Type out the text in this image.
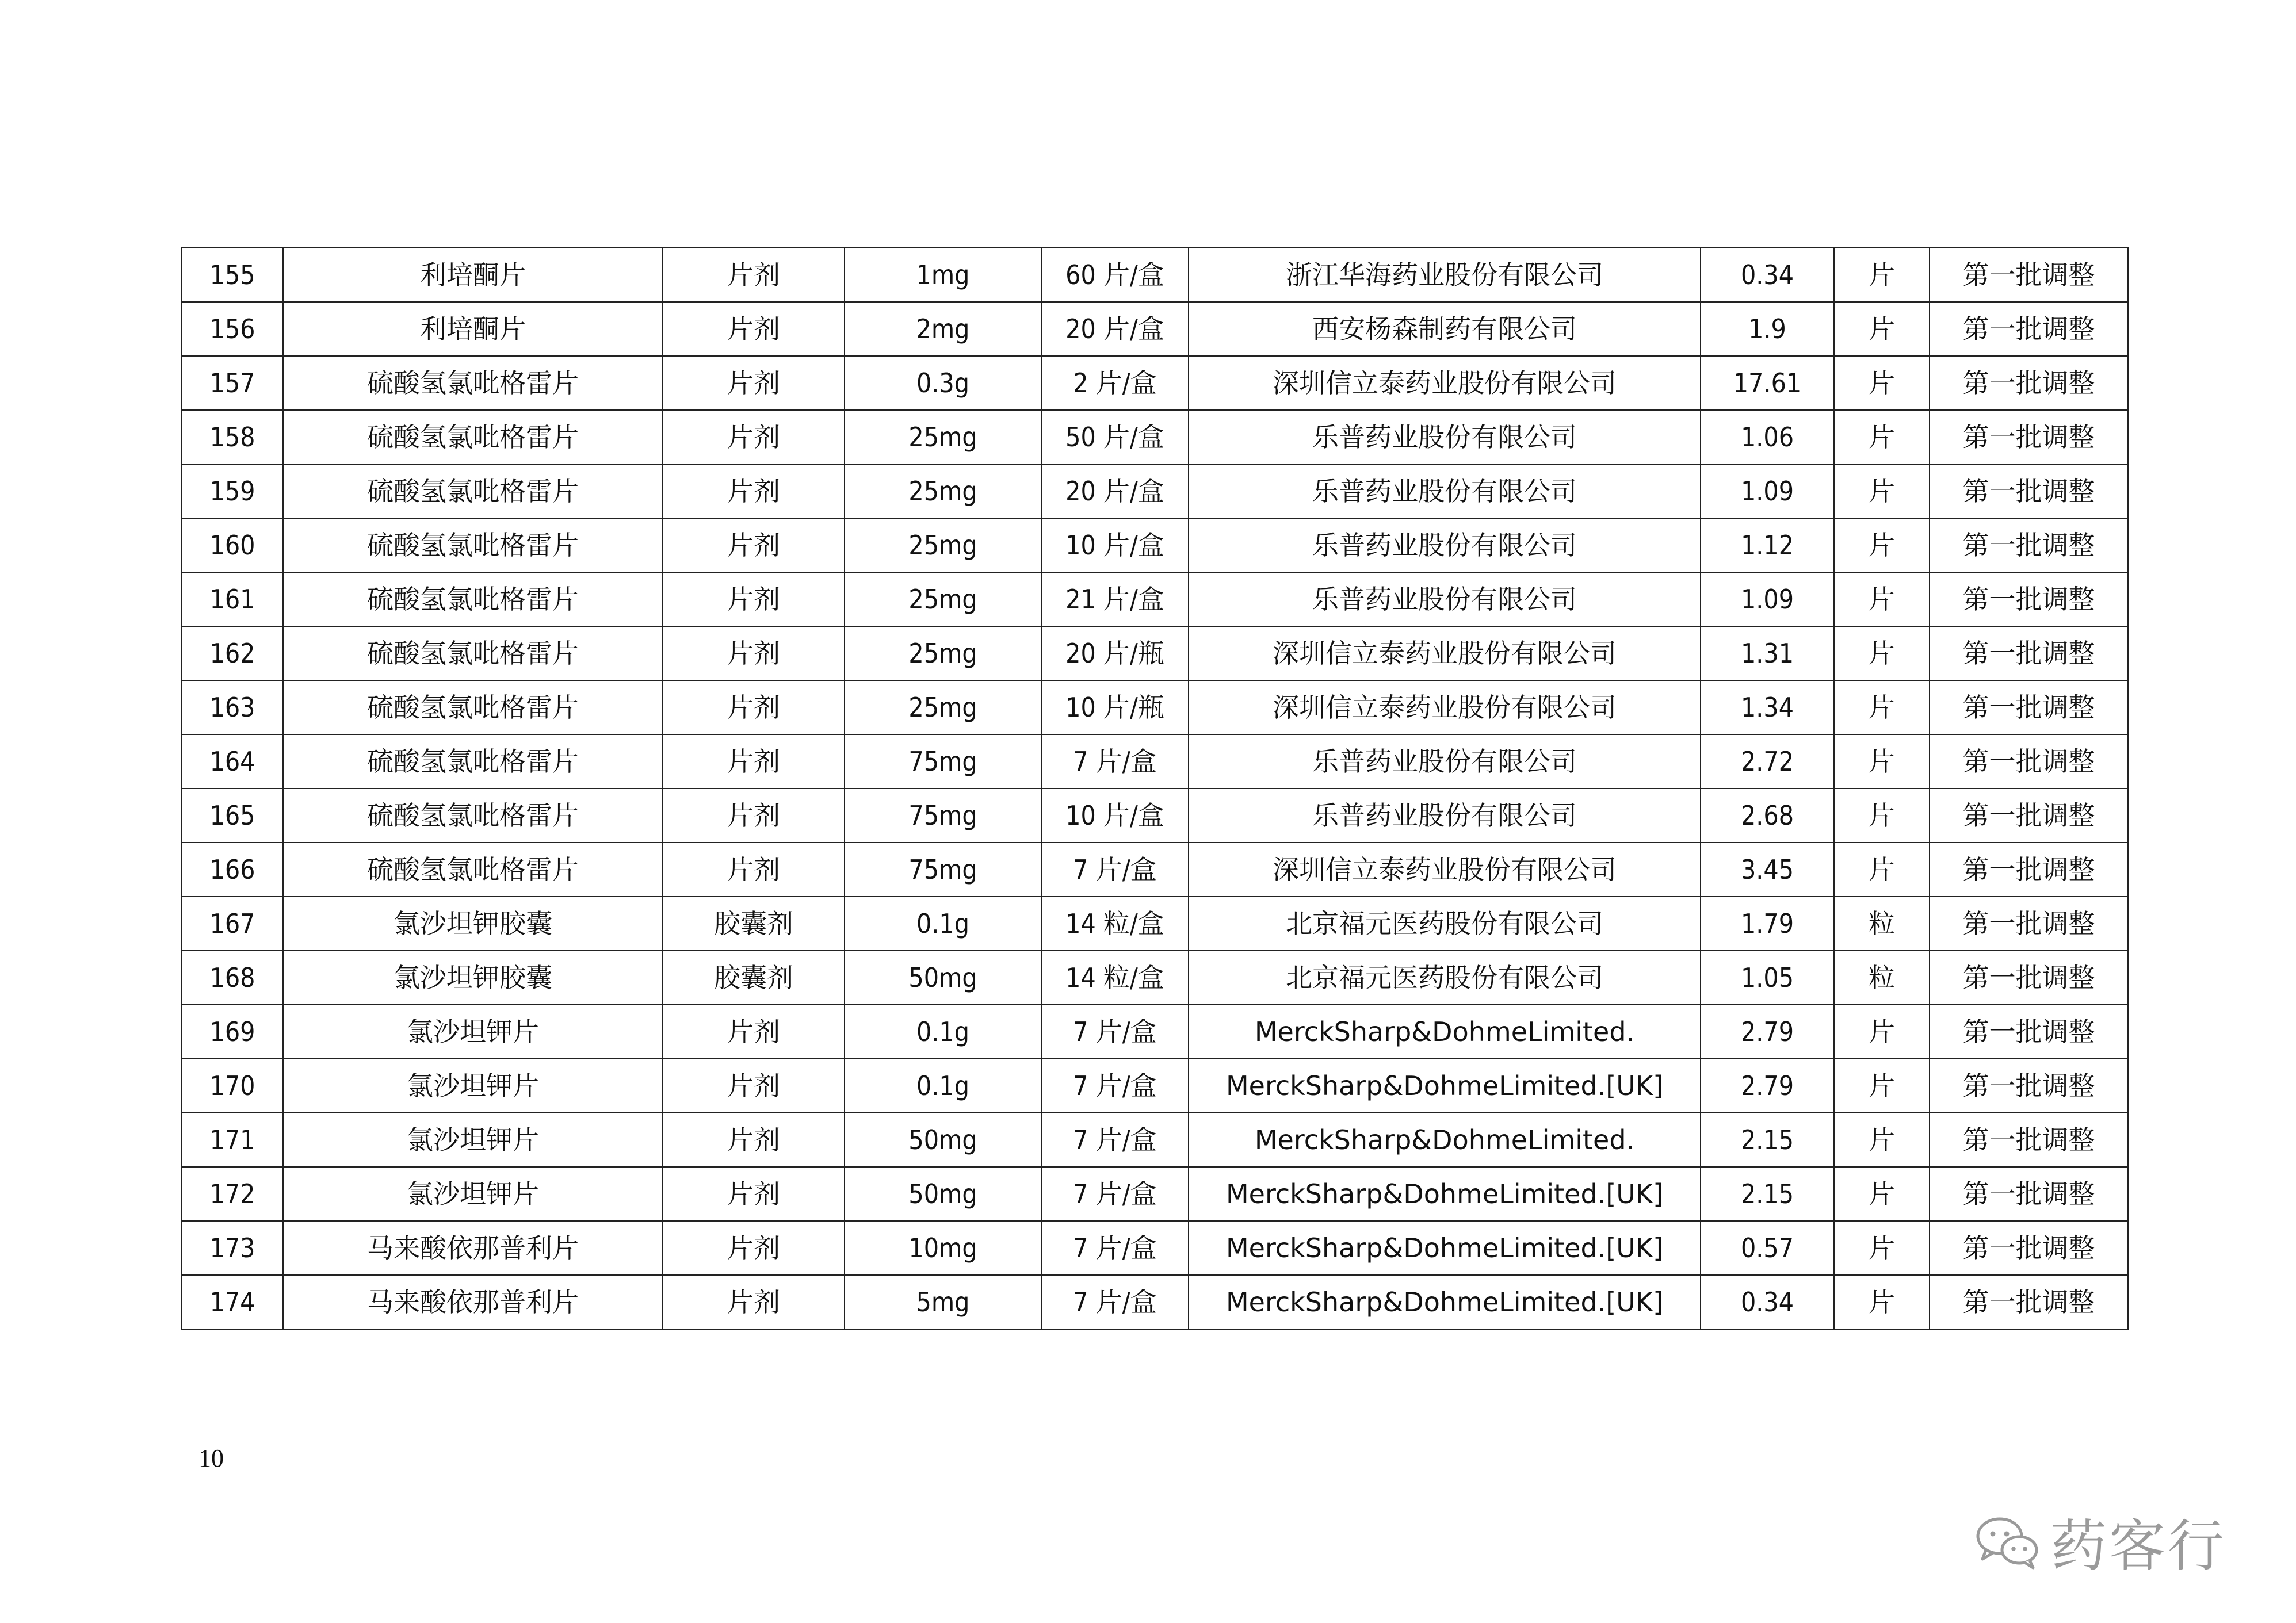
155	利培酮片	片剂	1mg	60 片/盒	浙江华海药业股份有限公司	0.34	片	第一批调整
156	利培酮片	片剂	2mg	20 片/盒	西安杨森制药有限公司	1.9	片	第一批调整
157	硫酸氢氯吡格雷片	片剂	0.3g	2 片/盒	深圳信立泰药业股份有限公司	17.61	片	第一批调整
158	硫酸氢氯吡格雷片	片剂	25mg	50 片/盒	乐普药业股份有限公司	1.06	片	第一批调整
159	硫酸氢氯吡格雷片	片剂	25mg	20 片/盒	乐普药业股份有限公司	1.09	片	第一批调整
160	硫酸氢氯吡格雷片	片剂	25mg	10 片/盒	乐普药业股份有限公司	1.12	片	第一批调整
161	硫酸氢氯吡格雷片	片剂	25mg	21 片/盒	乐普药业股份有限公司	1.09	片	第一批调整
162	硫酸氢氯吡格雷片	片剂	25mg	20 片/瓶	深圳信立泰药业股份有限公司	1.31	片	第一批调整
163	硫酸氢氯吡格雷片	片剂	25mg	10 片/瓶	深圳信立泰药业股份有限公司	1.34	片	第一批调整
164	硫酸氢氯吡格雷片	片剂	75mg	7 片/盒	乐普药业股份有限公司	2.72	片	第一批调整
165	硫酸氢氯吡格雷片	片剂	75mg	10 片/盒	乐普药业股份有限公司	2.68	片	第一批调整
166	硫酸氢氯吡格雷片	片剂	75mg	7 片/盒	深圳信立泰药业股份有限公司	3.45	片	第一批调整
167	氯沙坦钾胶囊	胶囊剂	0.1g	14 粒/盒	北京福元医药股份有限公司	1.79	粒	第一批调整
168	氯沙坦钾胶囊	胶囊剂	50mg	14 粒/盒	北京福元医药股份有限公司	1.05	粒	第一批调整
169	氯沙坦钾片	片剂	0.1g	7 片/盒	MerckSharp&DohmeLimited.	2.79	片	第一批调整
170	氯沙坦钾片	片剂	0.1g	7 片/盒	MerckSharp&DohmeLimited.[UK]	2.79	片	第一批调整
171	氯沙坦钾片	片剂	50mg	7 片/盒	MerckSharp&DohmeLimited.	2.15	片	第一批调整
172	氯沙坦钾片	片剂	50mg	7 片/盒	MerckSharp&DohmeLimited.[UK]	2.15	片	第一批调整
173	马来酸依那普利片	片剂	10mg	7 片/盒	MerckSharp&DohmeLimited.[UK]	0.57	片	第一批调整
174	马来酸依那普利片	片剂	5mg	7 片/盒	MerckSharp&DohmeLimited.[UK]	0.34	片	第一批调整
10
药客行
